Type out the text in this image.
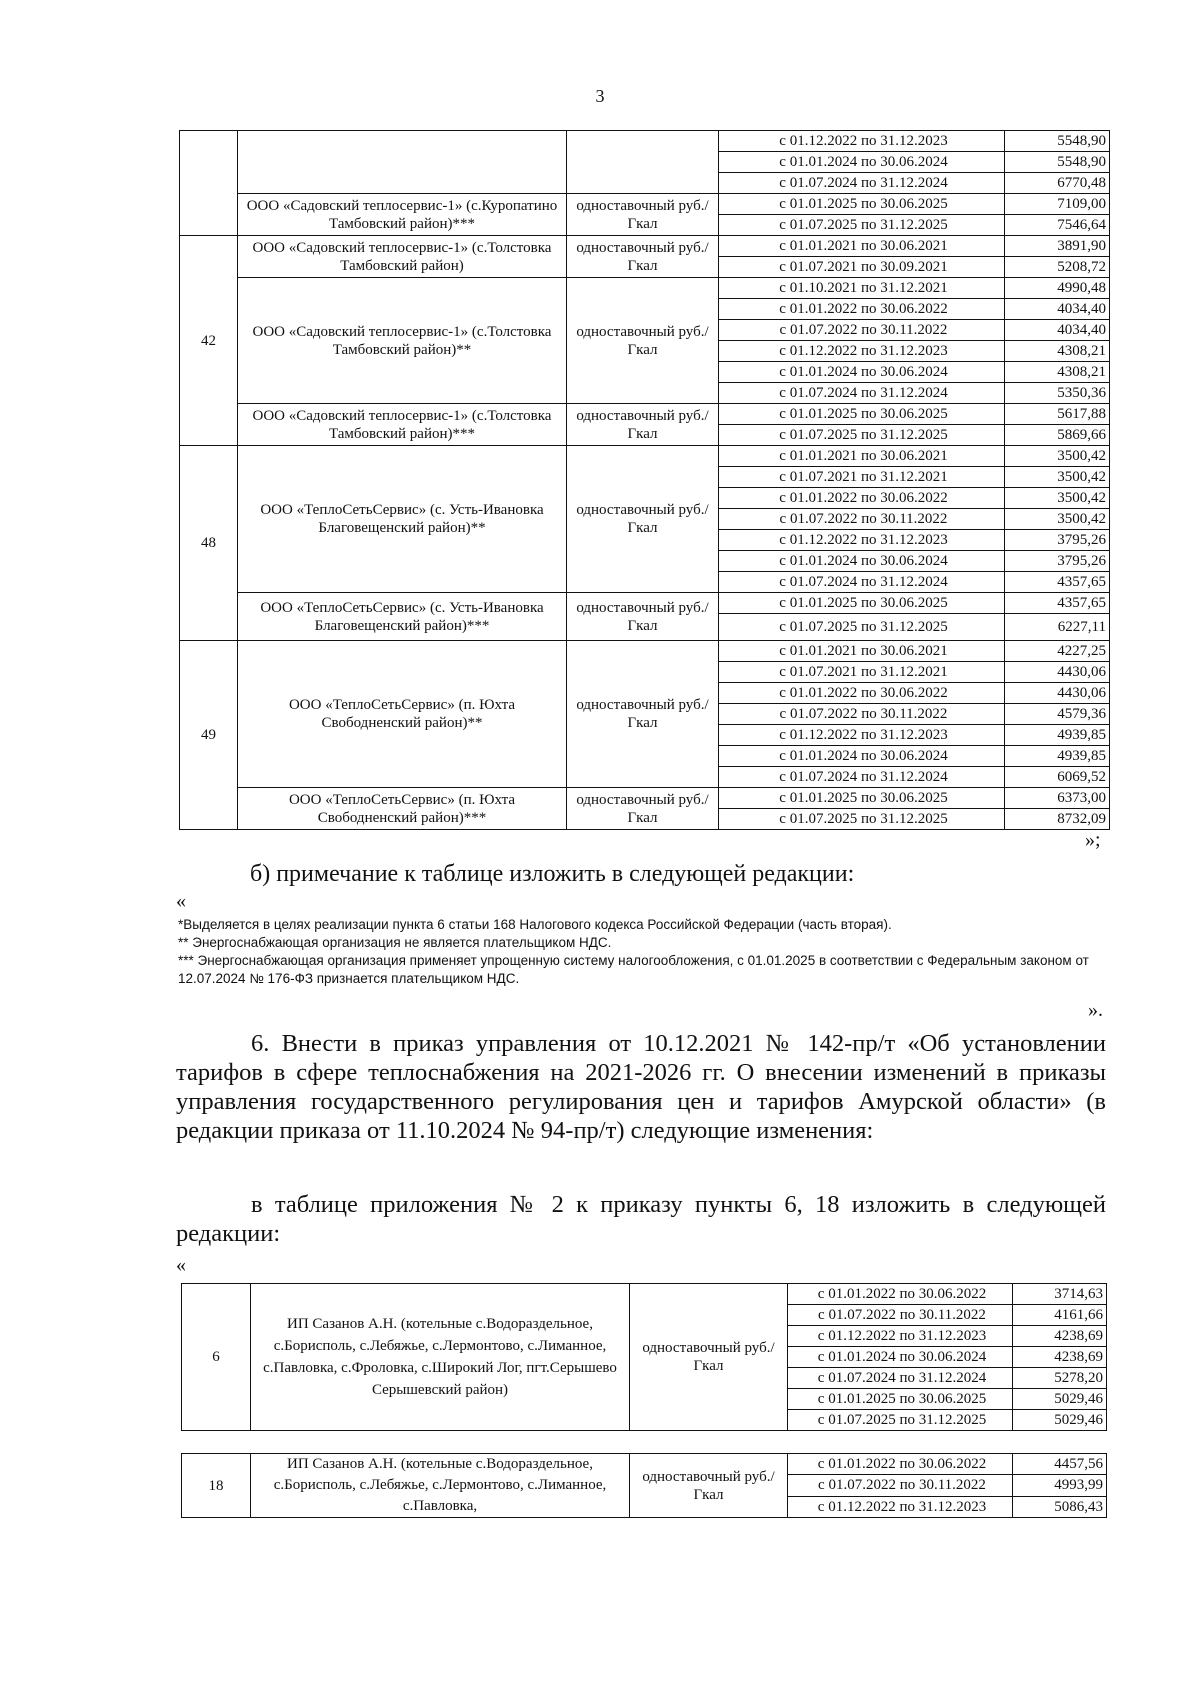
3
			с 01.12.2022 по 31.12.2023	5548,90
			с 01.01.2024 по 30.06.2024	5548,90
			с 01.07.2024 по 31.12.2024	6770,48
	ООО «Садовский теплосервис-1» (с.Куропатино Тамбовский район)***	одноставочный руб./Гкал	с 01.01.2025 по 30.06.2025	7109,00
			с 01.07.2025 по 31.12.2025	7546,64
42	ООО «Садовский теплосервис-1» (с.Толстовка Тамбовский район)	одноставочный руб./Гкал	с 01.01.2021 по 30.06.2021	3891,90
			с 01.07.2021 по 30.09.2021	5208,72
	ООО «Садовский теплосервис-1» (с.Толстовка Тамбовский район)**	одноставочный руб./Гкал	с 01.10.2021 по 31.12.2021	4990,48
			с 01.01.2022 по 30.06.2022	4034,40
			с 01.07.2022 по 30.11.2022	4034,40
			с 01.12.2022 по 31.12.2023	4308,21
			с 01.01.2024 по 30.06.2024	4308,21
			с 01.07.2024 по 31.12.2024	5350,36
	ООО «Садовский теплосервис-1» (с.Толстовка Тамбовский район)***	одноставочный руб./Гкал	с 01.01.2025 по 30.06.2025	5617,88
			с 01.07.2025 по 31.12.2025	5869,66
48	ООО «ТеплоСетьСервис» (с. Усть-Ивановка Благовещенский район)**	одноставочный руб./Гкал	с 01.01.2021 по 30.06.2021	3500,42
			с 01.07.2021 по 31.12.2021	3500,42
			с 01.01.2022 по 30.06.2022	3500,42
			с 01.07.2022 по 30.11.2022	3500,42
			с 01.12.2022 по 31.12.2023	3795,26
			с 01.01.2024 по 30.06.2024	3795,26
			с 01.07.2024 по 31.12.2024	4357,65
	ООО «ТеплоСетьСервис» (с. Усть-Ивановка Благовещенский район)***	одноставочный руб./Гкал	с 01.01.2025 по 30.06.2025	4357,65
			с 01.07.2025 по 31.12.2025	6227,11
49	ООО «ТеплоСетьСервис» (п. Юхта Свободненский район)**	одноставочный руб./Гкал	с 01.01.2021 по 30.06.2021	4227,25
			с 01.07.2021 по 31.12.2021	4430,06
			с 01.01.2022 по 30.06.2022	4430,06
			с 01.07.2022 по 30.11.2022	4579,36
			с 01.12.2022 по 31.12.2023	4939,85
			с 01.01.2024 по 30.06.2024	4939,85
			с 01.07.2024 по 31.12.2024	6069,52
	ООО «ТеплоСетьСервис» (п. Юхта Свободненский район)***	одноставочный руб./Гкал	с 01.01.2025 по 30.06.2025	6373,00
			с 01.07.2025 по 31.12.2025	8732,09
»;
б) примечание к таблице изложить в следующей редакции:
«

*Выделяется в целях реализации пункта 6 статьи 168 Налогового кодекса Российской Федерации (часть вторая).

** Энергоснабжающая организация не является плательщиком НДС.

*** Энергоснабжающая организация применяет упрощенную систему налогообложения, с 01.01.2025 в соответствии с Федеральным законом от 12.07.2024 № 176-ФЗ признается плательщиком НДС.

».

6. Внести в приказ управления от 10.12.2021 № 142-пр/т «Об установлении тарифов в сфере теплоснабжения на 2021-2026 гг. О внесении изменений в приказы управления государственного регулирования цен и тарифов Амурской области» (в редакции приказа от 11.10.2024 № 94-пр/т) следующие изменения:

в таблице приложения № 2 к приказу пункты 6, 18 изложить в следующей редакции:

«
6	ИП Сазанов А.Н. (котельные с.Водораздельное, с.Борисполь, с.Лебяжье, с.Лермонтово, с.Лиманное, с.Павловка, с.Фроловка, с.Широкий Лог, пгт.Серышево Серышевский район)	одноставочный руб./Гкал	с 01.01.2022 по 30.06.2022	3714,63
			с 01.07.2022 по 30.11.2022	4161,66
			с 01.12.2022 по 31.12.2023	4238,69
			с 01.01.2024 по 30.06.2024	4238,69
			с 01.07.2024 по 31.12.2024	5278,20
			с 01.01.2025 по 30.06.2025	5029,46
			с 01.07.2025 по 31.12.2025	5029,46
18	ИП Сазанов А.Н. (котельные с.Водораздельное, с.Борисполь, с.Лебяжье, с.Лермонтово, с.Лиманное, с.Павловка,	одноставочный руб./Гкал	с 01.01.2022 по 30.06.2022	4457,56
			с 01.07.2022 по 30.11.2022	4993,99
			с 01.12.2022 по 31.12.2023	5086,43
